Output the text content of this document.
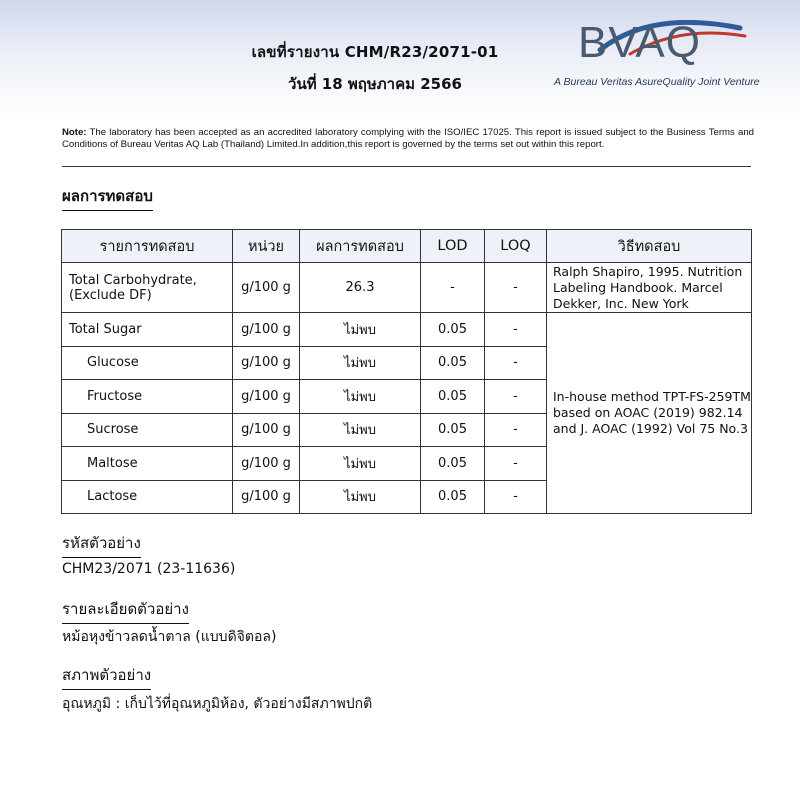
เลขที่รายงาน CHM/R23/2071-01
วันที่ 18 พฤษภาคม 2566
BVAQ
A Bureau Veritas AsureQuality Joint Venture
Note: The laboratory has been accepted as an accredited laboratory complying with the ISO/IEC 17025. This report is issued subject to the Business Terms and Conditions of Bureau Veritas AQ Lab (Thailand) Limited.In addition,this report is governed by the terms set out within this report.
ผลการทดสอบ
รายการทดสอบ	หน่วย	ผลการทดสอบ	LOD	LOQ	วิธีทดสอบ
Total Carbohydrate, (Exclude DF)	g/100 g	26.3	-	-	Ralph Shapiro, 1995. Nutrition Labeling Handbook. Marcel Dekker, Inc. New York
Total Sugar	g/100 g	ไม่พบ	0.05	-	In-house method TPT-FS-259TM based on AOAC (2019) 982.14 and J. AOAC (1992) Vol 75 No.3
Glucose	g/100 g	ไม่พบ	0.05	-	
Fructose	g/100 g	ไม่พบ	0.05	-	
Sucrose	g/100 g	ไม่พบ	0.05	-	
Maltose	g/100 g	ไม่พบ	0.05	-	
Lactose	g/100 g	ไม่พบ	0.05	-	
รหัสตัวอย่าง
CHM23/2071 (23-11636)
รายละเอียดตัวอย่าง
หม้อหุงข้าวลดน้ำตาล (แบบดิจิตอล)
สภาพตัวอย่าง
อุณหภูมิ : เก็บไว้ที่อุณหภูมิห้อง, ตัวอย่างมีสภาพปกติ
